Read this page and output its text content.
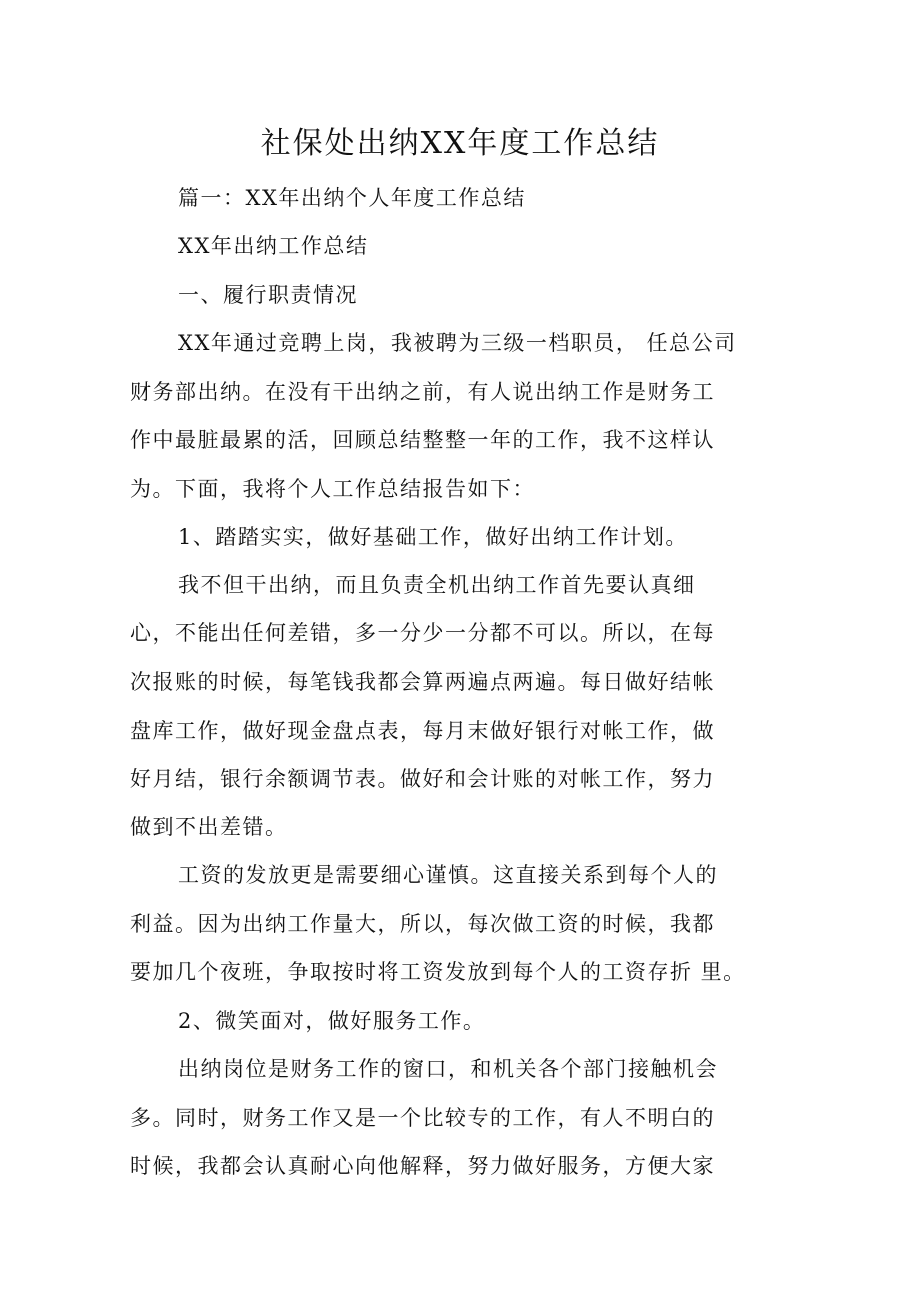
社保处出纳XX年度工作总结

篇一：XX年出纳个人年度工作总结

XX年出纳工作总结

一、履行职责情况

XX年通过竞聘上岗，我被聘为三级一档职员， 任总公司

财务部出纳。在没有干出纳之前，有人说出纳工作是财务工

作中最脏最累的活，回顾总结整整一年的工作，我不这样认

为。下面，我将个人工作总结报告如下：

1、踏踏实实，做好基础工作，做好出纳工作计划。

我不但干出纳，而且负责全机出纳工作首先要认真细

心，不能出任何差错，多一分少一分都不可以。所以，在每

次报账的时候，每笔钱我都会算两遍点两遍。每日做好结帐

盘库工作，做好现金盘点表，每月末做好银行对帐工作，做

好月结，银行余额调节表。做好和会计账的对帐工作，努力

做到不出差错。

工资的发放更是需要细心谨慎。这直接关系到每个人的

利益。因为出纳工作量大，所以，每次做工资的时候，我都

要加几个夜班，争取按时将工资发放到每个人的工资存折 里。

2、微笑面对，做好服务工作。

出纳岗位是财务工作的窗口，和机关各个部门接触机会

多。同时，财务工作又是一个比较专的工作，有人不明白的

时候，我都会认真耐心向他解释，努力做好服务，方便大家
